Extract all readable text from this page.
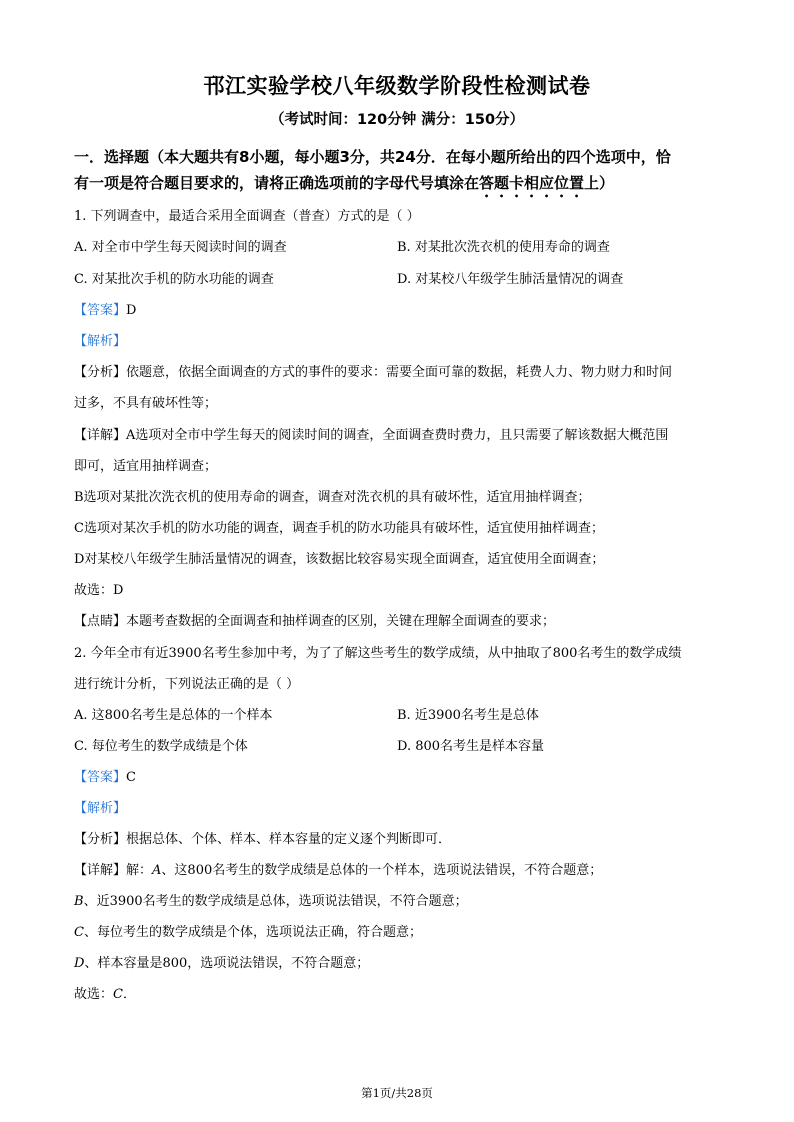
邗江实验学校八年级数学阶段性检测试卷
（考试时间：120分钟 满分：150分）
一．选择题（本大题共有8小题，每小题3分，共24分．在每小题所给出的四个选项中，恰
有一项是符合题目要求的，请将正确选项前的字母代号填涂在答题卡相应位置上）
1. 下列调查中，最适合采用全面调查（普查）方式的是（ ）
A. 对全市中学生每天阅读时间的调查	B. 对某批次洗衣机的使用寿命的调查
C. 对某批次手机的防水功能的调查	D. 对某校八年级学生肺活量情况的调查
【答案】D
【解析】
【分析】依题意，依据全面调查的方式的事件的要求：需要全面可靠的数据，耗费人力、物力财力和时间
过多，不具有破坏性等；
【详解】A选项对全市中学生每天的阅读时间的调查，全面调查费时费力，且只需要了解该数据大概范围
即可，适宜用抽样调查；
B选项对某批次洗衣机的使用寿命的调查，调查对洗衣机的具有破坏性，适宜用抽样调查；
C选项对某次手机的防水功能的调查，调查手机的防水功能具有破坏性，适宜使用抽样调查；
D对某校八年级学生肺活量情况的调查，该数据比较容易实现全面调查，适宜使用全面调查；
故选：D
【点睛】本题考查数据的全面调查和抽样调查的区别，关键在理解全面调查的要求；
2. 今年全市有近3900名考生参加中考，为了了解这些考生的数学成绩，从中抽取了800名考生的数学成绩
进行统计分析，下列说法正确的是（ ）
A. 这800名考生是总体的一个样本	B. 近3900名考生是总体
C. 每位考生的数学成绩是个体	D. 800名考生是样本容量
【答案】C
【解析】
【分析】根据总体、个体、样本、样本容量的定义逐个判断即可．
【详解】解：A、这800名考生的数学成绩是总体的一个样本，选项说法错误，不符合题意；
B、近3900名考生的数学成绩是总体，选项说法错误，不符合题意；
C、每位考生的数学成绩是个体，选项说法正确，符合题意；
D、样本容量是800，选项说法错误，不符合题意；
故选：C．
第1页/共28页
